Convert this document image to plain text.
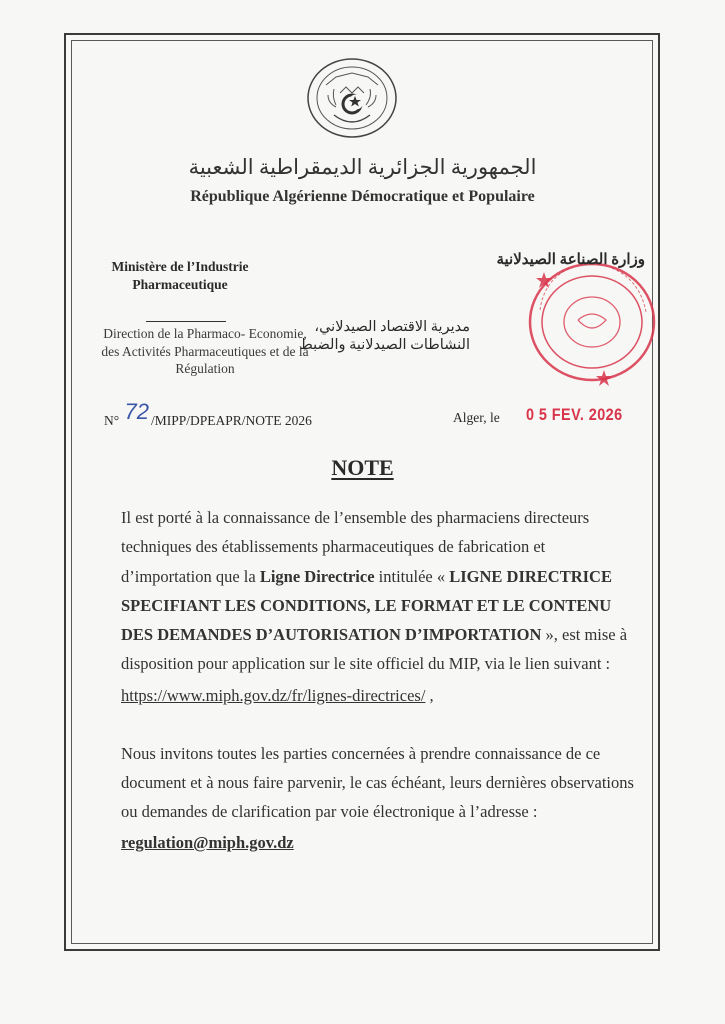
الجمهورية الجزائرية الديمقراطية الشعبية
République Algérienne Démocratique et Populaire
Ministère de l’Industrie
Pharmaceutique
Direction de la Pharmaco- Economie,
des Activités Pharmaceutiques et de la
Régulation
وزارة الصناعة الصيدلانية
مديرية الاقتصاد الصيدلاني،
النشاطات الصيدلانية والضبط
N° 72 /MIPP/DPEAPR/NOTE 2026	Alger, le 0 5 FEV. 2026
NOTE
Il est porté à la connaissance de l’ensemble des pharmaciens directeurs
techniques des établissements pharmaceutiques de fabrication et
d’importation que la Ligne Directrice intitulée « LIGNE DIRECTRICE
SPECIFIANT LES CONDITIONS, LE FORMAT ET LE CONTENU
DES DEMANDES D’AUTORISATION D’IMPORTATION », est mise à
disposition pour application sur le site officiel du MIP, via le lien suivant :
https://www.miph.gov.dz/fr/lignes-directrices/ ,
Nous invitons toutes les parties concernées à prendre connaissance de ce
document et à nous faire parvenir, le cas échéant, leurs dernières observations
ou demandes de clarification par voie électronique à l’adresse :
regulation@miph.gov.dz
